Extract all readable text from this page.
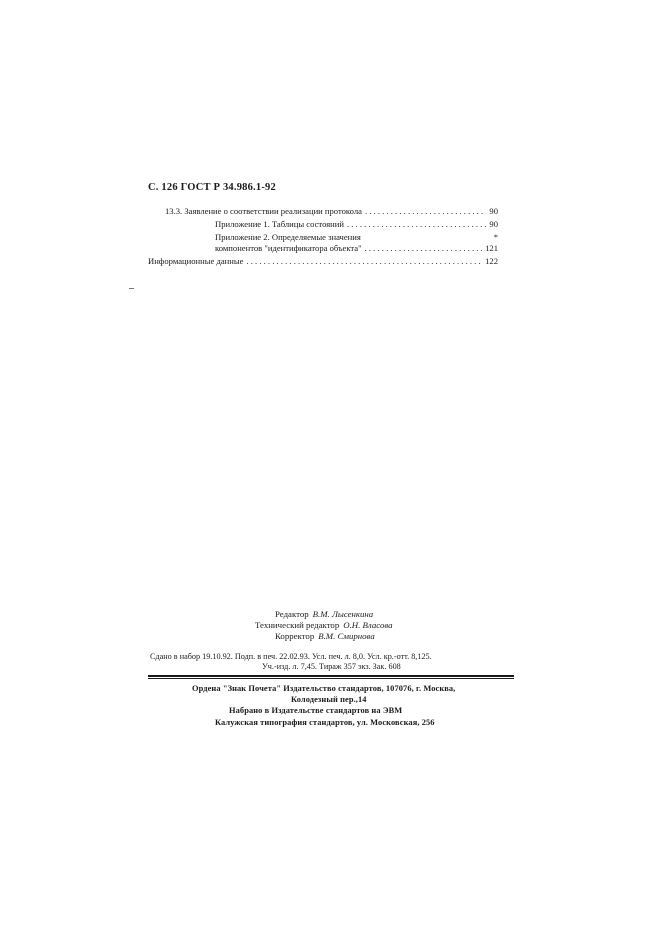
С. 126 ГОСТ Р 34.986.1-92
13.3. Заявление о соответствии реализации протокола . . .	90
Приложение 1. Таблицы состояний . . .	90
Приложение 2. Определяемые значения	*
компонентов "идентификатора объекта" . . .	121
Информационные данные . . .	122
Редактор В.М. Лысенкина
Технический редактор О.Н. Власова
Корректор В.М. Смирнова
Сдано в набор 19.10.92. Подп. в печ. 22.02.93. Усл. печ. л. 8,0. Усл. кр.-отт. 8,125.
Уч.-изд. л. 7,45. Тираж 357 экз. Зак. 608
Ордена "Знак Почета" Издательство стандартов, 107076, г. Москва,
Колодезный пер.,14
Набрано в Издательстве стандартов на ЭВМ
Калужская типография стандартов, ул. Московская, 256
